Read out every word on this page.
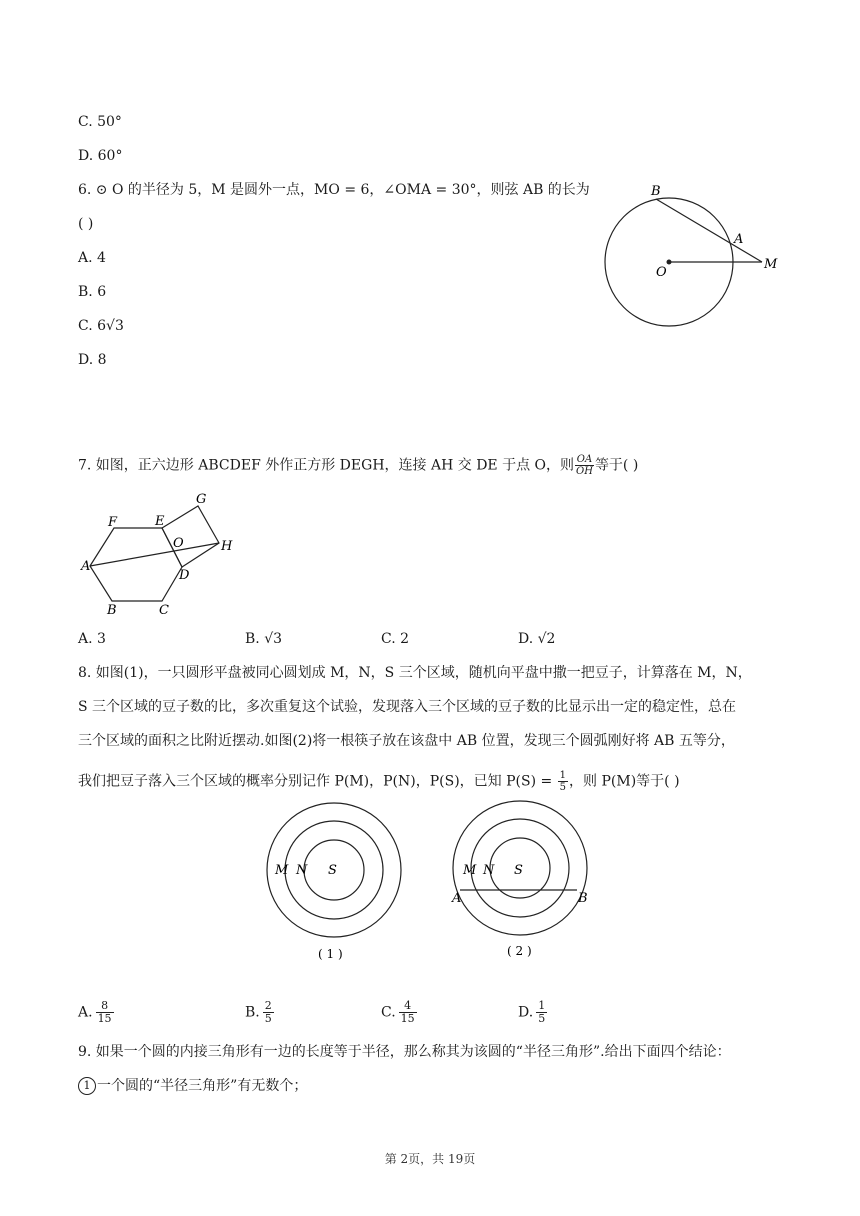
C. 50°
D. 60°
6. ⊙ O 的半径为 5，M 是圆外一点，MO = 6，∠OMA = 30°，则弦 AB 的长为
( )
A. 4
B. 6
C. 6√3
D. 8
B
A
O
M
7. 如图，正六边形 ABCDEF 外作正方形 DEGH，连接 AH 交 DE 于点 O，则 $\frac{OA}{OH}$ 等于( )
F	E
G
O	H
A
D
B	C
A. 3	B. √3	C. 2	D. √2
8. 如图(1)，一只圆形平盘被同心圆划成 M，N，S 三个区域，随机向平盘中撒一把豆子，计算落在 M，N，
S 三个区域的豆子数的比，多次重复这个试验，发现落入三个区域的豆子数的比显示出一定的稳定性，总在
三个区域的面积之比附近摆动.如图(2)将一根筷子放在该盘中 AB 位置，发现三个圆弧刚好将 AB 五等分，
我们把豆子落入三个区域的概率分别记作 P(M)，P(N)，P(S)，已知 $P(S) = \frac{1}{5}$ ，则 P(M)等于( )
M N S
( 1 )
M N S
A	B
( 2 )
A. $\frac{8}{15}$	B. $\frac{2}{5}$	C. $\frac{4}{15}$	D. $\frac{1}{5}$
9. 如果一个圆的内接三角形有一边的长度等于半径，那么称其为该圆的“半径三角形”.给出下面四个结论：
1 一个圆的“半径三角形”有无数个；
第 2页，共 19页
